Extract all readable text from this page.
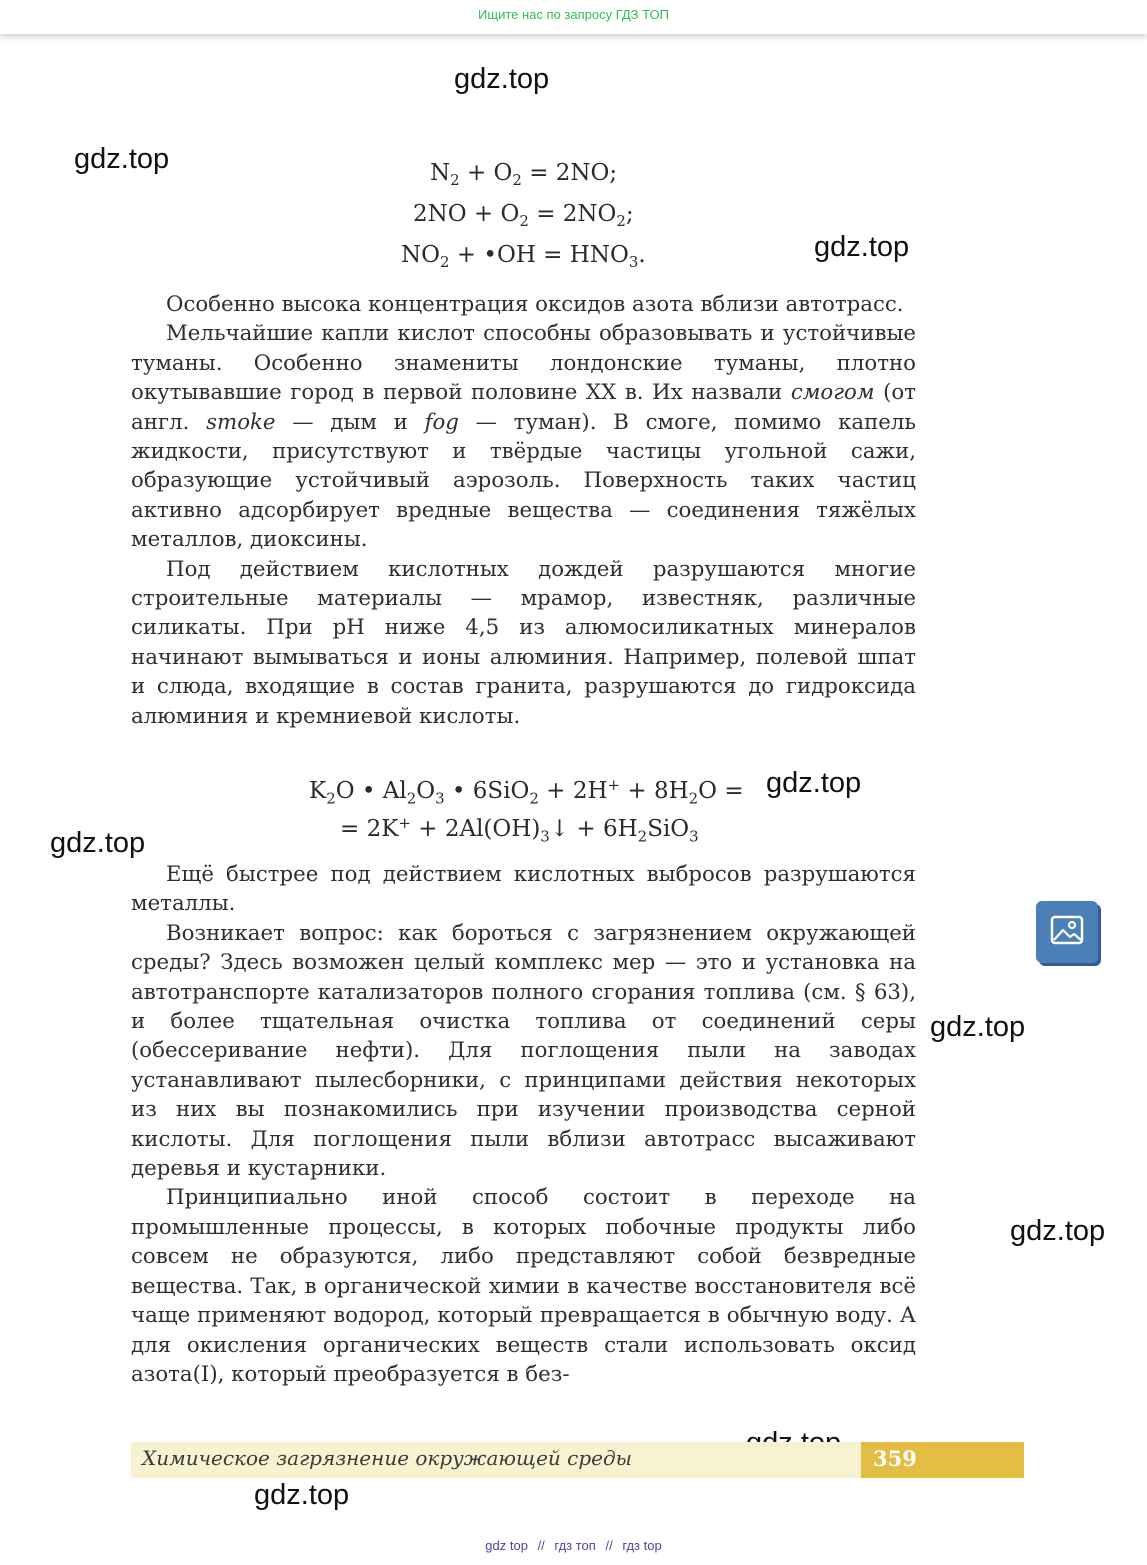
Ищите нас по запросу ГДЗ ТОП
gdz.top
gdz.top
gdz.top
gdz.top
gdz.top
gdz.top
gdz.top
gdz.top
$N_2 + O_2 = 2NO$;
$2NO + O_2 = 2NO_2$;
$NO_2$ + •OH = $HNO_3$.

Особенно высока концентрация оксидов азота вблизи автотрасс.

Мельчайшие капли кислот способны образовывать и устойчивые туманы. Особенно знамениты лондонские туманы, плотно окутывавшие город в первой половине XX в. Их назвали смогом (от англ. smoke — дым и fog — туман). В смоге, помимо капель жидкости, присутствуют и твёрдые частицы угольной сажи, образующие устойчивый аэрозоль. Поверхность таких частиц активно адсорбирует вредные вещества — соединения тяжёлых металлов, диоксины.

Под действием кислотных дождей разрушаются многие строительные материалы — мрамор, известняк, различные силикаты. При pH ниже 4,5 из алюмосиликатных минералов начинают вымываться и ионы алюминия. Например, полевой шпат и слюда, входящие в состав гранита, разрушаются до гидроксида алюминия и кремниевой кислоты.

$K_2O$ • $Al_2O_3$ • $6SiO_2 + 2H^+ + 8H_2O$ =
= $2K^+ + 2Al(OH)_3↓ + 6H_2SiO_3$

Ещё быстрее под действием кислотных выбросов разрушаются металлы.

Возникает вопрос: как бороться с загрязнением окружающей среды? Здесь возможен целый комплекс мер — это и установка на автотранспорте катализаторов полного сгорания топлива (см. § 63), и более тщательная очистка топлива от соединений серы (обессеривание нефти). Для поглощения пыли на заводах устанавливают пылесборники, с принципами действия некоторых из них вы познакомились при изучении производства серной кислоты. Для поглощения пыли вблизи автотрасс высаживают деревья и кустарники.

Принципиально иной способ состоит в переходе на промышленные процессы, в которых побочные продукты либо совсем не образуются, либо представляют собой безвредные вещества. Так, в органической химии в качестве восстановителя всё чаще применяют водород, который превращается в обычную воду. А для окисления органических веществ стали использовать оксид азота(I), который преобразуется в без-

Химическое загрязнение окружающей среды	359
gdz top // гдз топ // гдз top
